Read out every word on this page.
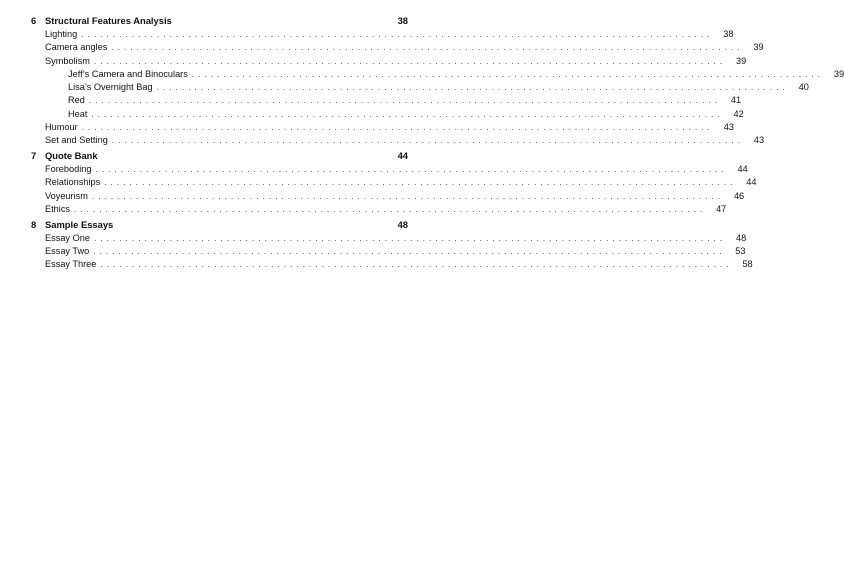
6 Structural Features Analysis	38
Lighting ....................................................................................................	38
Camera angles ....................................................................................................	39
Symbolism ....................................................................................................	39
Jeff’s Camera and Binoculars ....................................................................................................	39
Lisa’s Overnight Bag ....................................................................................................	40
Red ....................................................................................................	41
Heat ....................................................................................................	42
Humour ....................................................................................................	43
Set and Setting ....................................................................................................	43
7 Quote Bank	44
Foreboding ....................................................................................................	44
Relationships ....................................................................................................	44
Voyeurism ....................................................................................................	46
Ethics ....................................................................................................	47
8 Sample Essays	48
Essay One ....................................................................................................	48
Essay Two ....................................................................................................	53
Essay Three ....................................................................................................	58
